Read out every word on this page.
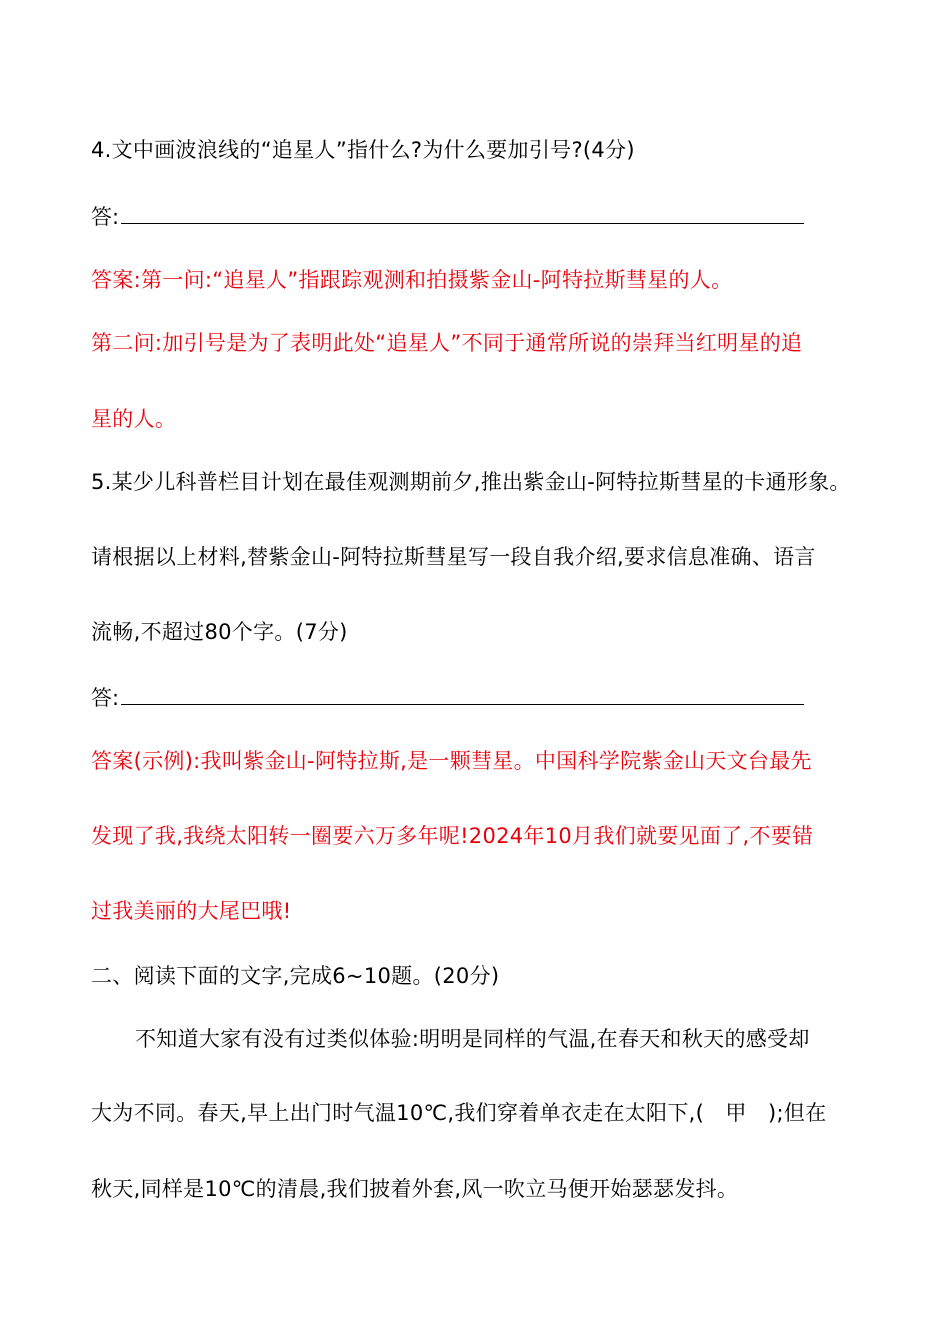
4.文中画波浪线的“追星人”指什么?为什么要加引号?(4分)
答:
答案:第一问:“追星人”指跟踪观测和拍摄紫金山-阿特拉斯彗星的人。
第二问:加引号是为了表明此处“追星人”不同于通常所说的崇拜当红明星的追
星的人。
5.某少儿科普栏目计划在最佳观测期前夕,推出紫金山-阿特拉斯彗星的卡通形象。
请根据以上材料,替紫金山-阿特拉斯彗星写一段自我介绍,要求信息准确、语言
流畅,不超过80个字。(7分)
答:
答案(示例):我叫紫金山-阿特拉斯,是一颗彗星。中国科学院紫金山天文台最先
发现了我,我绕太阳转一圈要六万多年呢!2024年10月我们就要见面了,不要错
过我美丽的大尾巴哦!
二、阅读下面的文字,完成6~10题。(20分)
不知道大家有没有过类似体验:明明是同样的气温,在春天和秋天的感受却
大为不同。春天,早上出门时气温10℃,我们穿着单衣走在太阳下,(　甲　);但在
秋天,同样是10℃的清晨,我们披着外套,风一吹立马便开始瑟瑟发抖。
